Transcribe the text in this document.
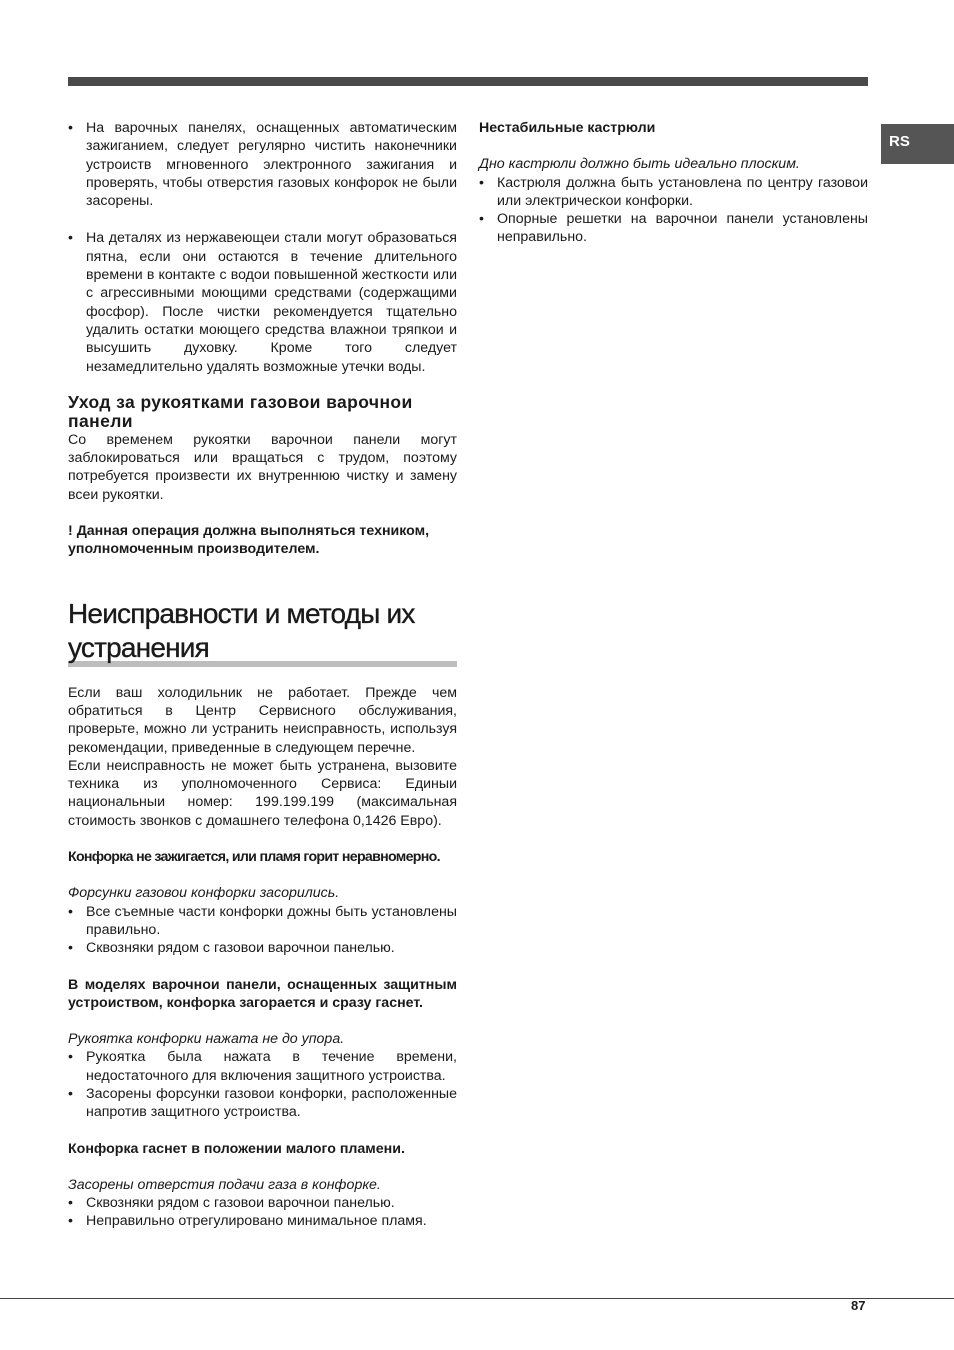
RS
• На варочных панелях, оснащенных автоматическим зажиганием, следует регулярно чистить наконечники устроиств мгновенного электронного зажигания и проверять, чтобы отверстия газовых конфорок не были засорены.
• На деталях из нержавеющеи стали могут образоваться пятна, если они остаются в течение длительного времени в контакте с водои повышенной жесткости или с агрессивными моющими средствами (содержащими фосфор). После чистки рекомендуется тщательно удалить остатки моющего средства влажнои тряпкои и высушить духовку. Кроме того следует незамедлительно удалять возможные утечки воды.

Уход за рукоятками газовои варочнои панели

Со временем рукоятки варочнои панели могут заблокироваться или вращаться с трудом, поэтому потребуется произвести их внутреннюю чистку и замену всеи рукоятки.

! Данная операция должна выполняться техником, уполномоченным производителем.

Неисправности и методы их устранения

Если ваш холодильник не работает. Прежде чем обратиться в Центр Сервисного обслуживания, проверьте, можно ли устранить неисправность, используя рекомендации, приведенные в следующем перечне.

Если неисправность не может быть устранена, вызовите техника из уполномоченного Сервиса: Единыи национальныи номер: 199.199.199 (максимальная стоимость звонков с домашнего телефона 0,1426 Евро).

Конфорка не зажигается, или пламя горит неравномерно.

Форсунки газовои конфорки засорились.

• Все съемные части конфорки дожны быть установлены правильно.
• Сквозняки рядом с газовои варочнои панелью.

В моделях варочнои панели, оснащенных защитным устроиством, конфорка загорается и сразу гаснет.

Рукоятка конфорки нажата не до упора.

• Рукоятка была нажата в течение времени, недостаточного для включения защитного устроиства.
• Засорены форсунки газовои конфорки, расположенные напротив защитного устроиства.

Конфорка гаснет в положении малого пламени.

Засорены отверстия подачи газа в конфорке.

• Сквозняки рядом с газовои варочнои панелью.
• Неправильно отрегулировано минимальное пламя.

Нестабильные кастрюли

Дно кастрюли должно быть идеально плоским.

• Кастрюля должна быть установлена по центру газовои или электрическои конфорки.
• Опорные решетки на варочнои панели установлены неправильно.
87
